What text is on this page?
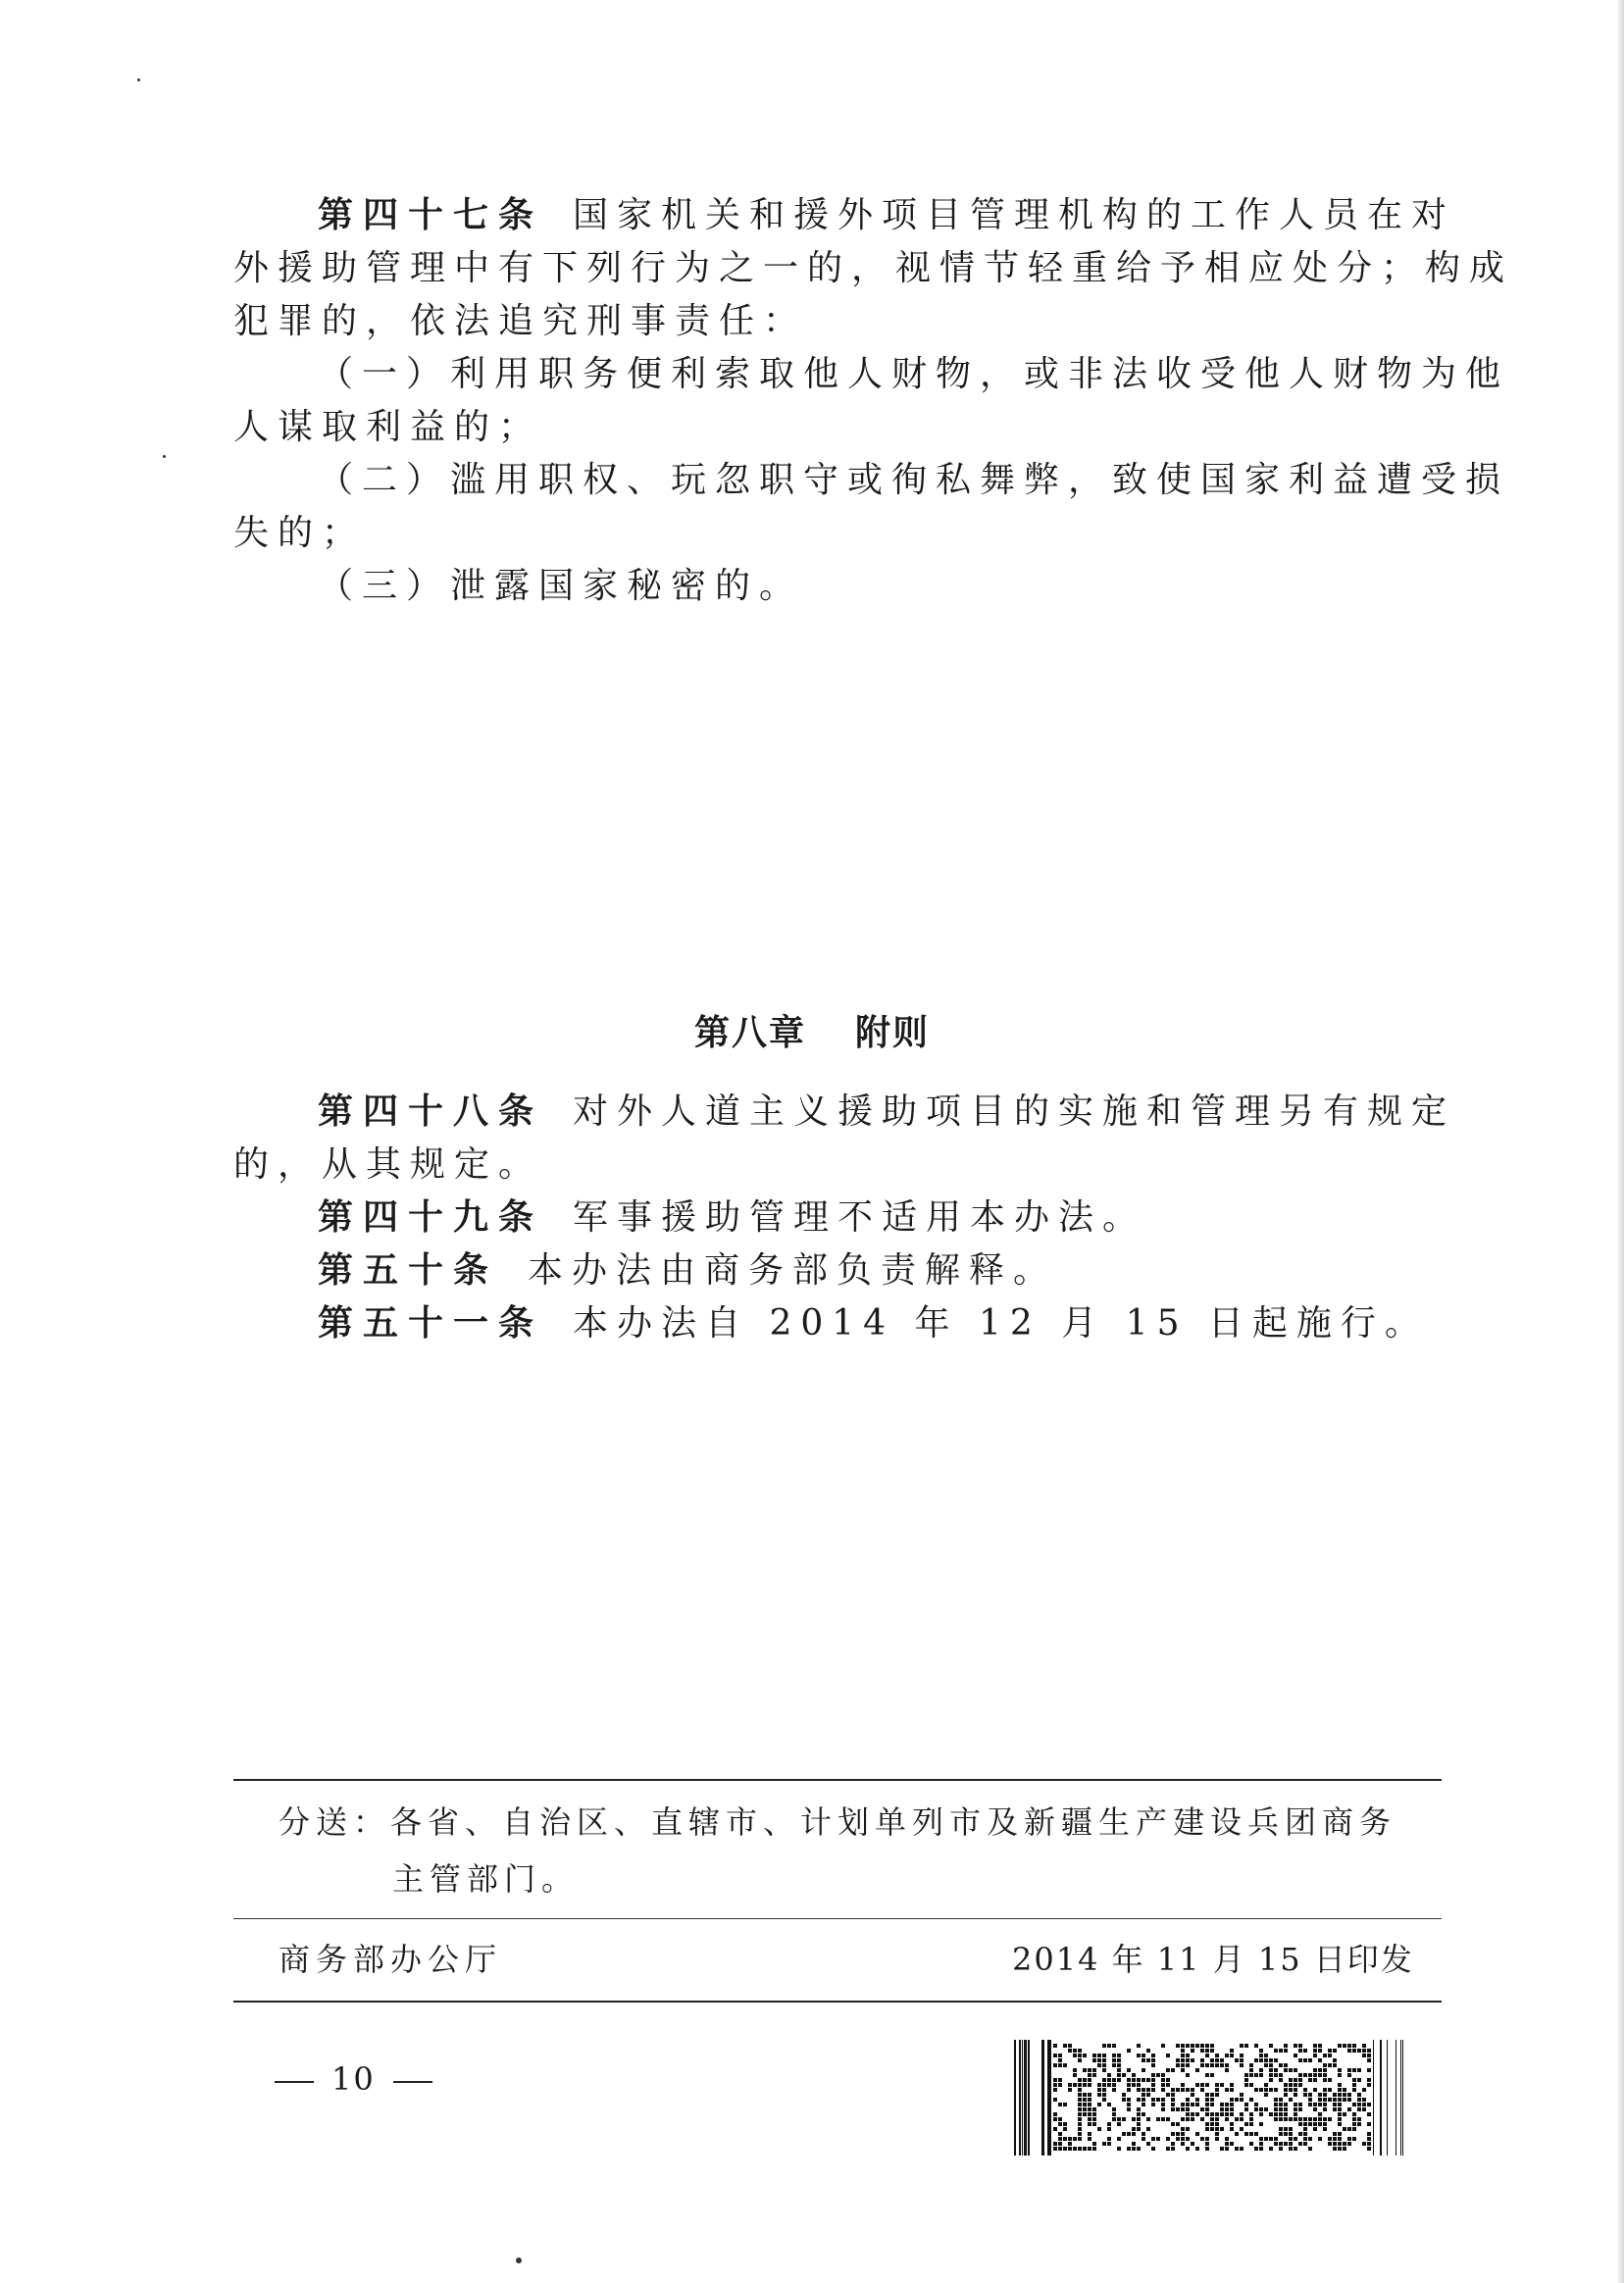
第四十七条 国家机关和援外项目管理机构的工作人员在对
外援助管理中有下列行为之一的，视情节轻重给予相应处分；构成
犯罪的，依法追究刑事责任：
（一）利用职务便利索取他人财物，或非法收受他人财物为他
人谋取利益的；
（二）滥用职权、玩忽职守或徇私舞弊，致使国家利益遭受损
失的；
（三）泄露国家秘密的。
第八章 附则
第四十八条 对外人道主义援助项目的实施和管理另有规定
的，从其规定。
第四十九条 军事援助管理不适用本办法。
第五十条 本办法由商务部负责解释。
第五十一条 本办法自 2014 年 12 月 15 日起施行。
分送：各省、自治区、直辖市、计划单列市及新疆生产建设兵团商务
主管部门。
商务部办公厅	2014 年 11 月 15 日印发
10
